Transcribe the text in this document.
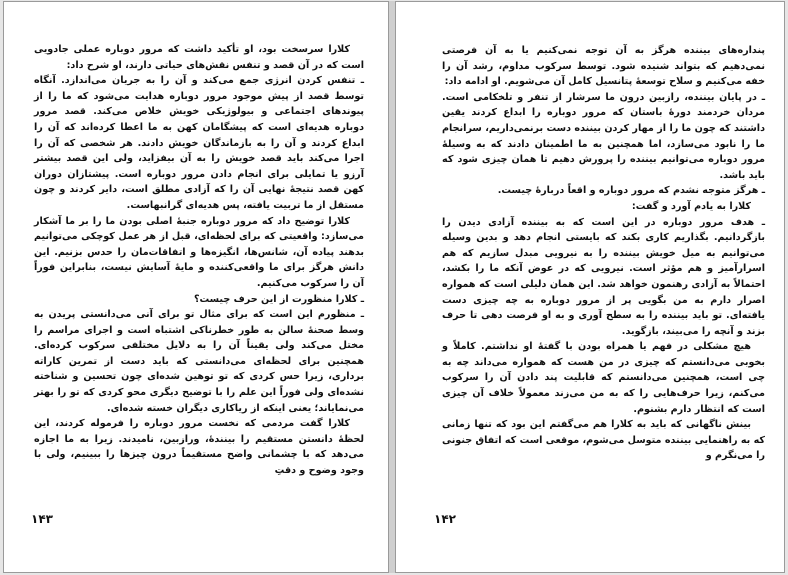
کلارا سرسخت بود، او تأکید داشت که مرور دوباره عملی جادویی است که در آن قصد و تنفس نقش‌های حیاتی دارند، او شرح داد:

ـ تنفس کردن انرژی جمع می‌کند و آن را به جریان می‌اندازد. آنگاه توسط قصد از پیش موجود مرور دوباره هدایت می‌شود که ما را از پیوندهای اجتماعی و بیولوژیکی خویش خلاص می‌کند. قصد مرور دوباره هدیه‌ای است که پیشگامان کهن به ما اعطا کرده‌اند که آن را ابداع کردند و آن را به بازماندگان خویش دادند. هر شخصی که آن را اجرا می‌کند باید قصد خویش را به آن بیفزاید، ولی این قصد بیشتر آرزو یا تمایلی برای انجام دادن مرور دوباره است. پیشتازان دوران کهن قصد نتیجهٔ نهایی آن را که آزادی مطلق است، دایر کردند و چون مستقل از ما تربیت یافته، پس هدیه‌ای گرانبهاست.

کلارا توضیح داد که مرور دوباره جنبهٔ اصلی بودن ما را بر ما آشکار می‌سازد: واقعیتی که برای لحظه‌ای، قبل از هر عمل کوچکی می‌توانیم بدهند پیاده آن، شانس‌ها، انگیزه‌ها و اتفاقات‌مان را حدس بزنیم. این دانش هرگز برای ما واقعی‌کننده و مایهٔ آسایش نیست، بنابراین فوراً آن را سرکوب می‌کنیم.

ـ کلارا منظورت از این حرف چیست؟

ـ منظورم این است که برای مثال تو برای آنی می‌دانستی پریدن به وسط صحنهٔ سالن به طور خطرناکی اشتباه است و اجرای مراسم را مختل می‌کند ولی یقیناً آن را به دلایل مختلفی سرکوب کرده‌ای. همچنین برای لحظه‌ای می‌دانستی که باید دست از تمرین کاراته برداری، زیرا حس کردی که تو توهین شده‌ای چون تحسین و شناخته نشده‌ای ولی فوراً این علم را با توضیح دیگری محو کردی که تو را بهتر می‌نمایاند؛ یعنی اینکه از ریاکاری دیگران خسته شده‌ای.

کلارا گفت مردمی که نخست مرور دوباره را فرموله کردند، این لحظهٔ دانستن مستقیم را بینندهٔ، ورازبین، نامیدند. زیرا به ما اجازه می‌دهد که با چشمانی واضح مستقیماً درون چیزها را ببینیم، ولی با وجود وضوح و دقتِ

۱۴۳

پنداره‌های بیننده هرگز به آن توجه نمی‌کنیم یا به آن فرصتی نمی‌دهیم که بتواند شنیده شود. توسط سرکوب مداوم، رشد آن را خفه می‌کنیم و سلاح توسعهٔ پتانسیل کامل آن می‌شویم. او ادامه داد:

ـ در پایان بیننده، رازبین درون ما سرشار از تنفر و تلخکامی است. مردان خردمند دورهٔ باستان که مرور دوباره را ابداع کردند یقین داشتند که چون ما را از مهار کردن بیننده دست برنمی‌داریم، سرانجام ما را نابود می‌سازد، اما همچنین به ما اطمینان دادند که به وسیلهٔ مرور دوباره می‌توانیم بیننده را پرورش دهیم تا همان چیزی شود که باید باشد.

ـ هرگز متوجه نشدم که مرور دوباره و اقعاً دربارهٔ چیست.

کلارا به یادم آورد و گفت:

ـ هدف مرور دوباره در این است که به بیننده آزادی دیدن را بازگردانیم. بگذاریم کاری بکند که بایستی انجام دهد و بدین وسیله می‌توانیم به میل خویش بیننده را به نیرویی مبدل سازیم که هم اسرارآمیز و هم مؤثر است. نیرویی که در عوض آنکه ما را بکشد، احتمالاً به آزادی رهنمون خواهد شد. این همان دلیلی است که همواره اصرار دارم به من بگویی پر از مرور دوباره به چه چیزی دست یافته‌ای. تو باید بیننده را به سطح آوری و به او فرصت دهی تا حرف بزند و آنچه را می‌بیند، بازگوید.

هیچ مشکلی در فهم یا همراه بودن با گفته‌ٔ او نداشتم. کاملاً و بخوبی می‌دانستم که چیزی در من هست که همواره می‌داند چه به چی است، همچنین می‌دانستم که قابلیت پند دادن آن را سرکوب می‌کنم، زیرا حرف‌هایی را که به من می‌زند معمولاً خلاف آن چیزی است که انتظار دارم بشنوم.

بینش ناگهانی که باید به کلارا هم می‌گفتم این بود که تنها زمانی که به راهنمایی بیننده متوسل می‌شوم، موقعی است که اتفاق جنونی را می‌نگرم و

۱۴۲
